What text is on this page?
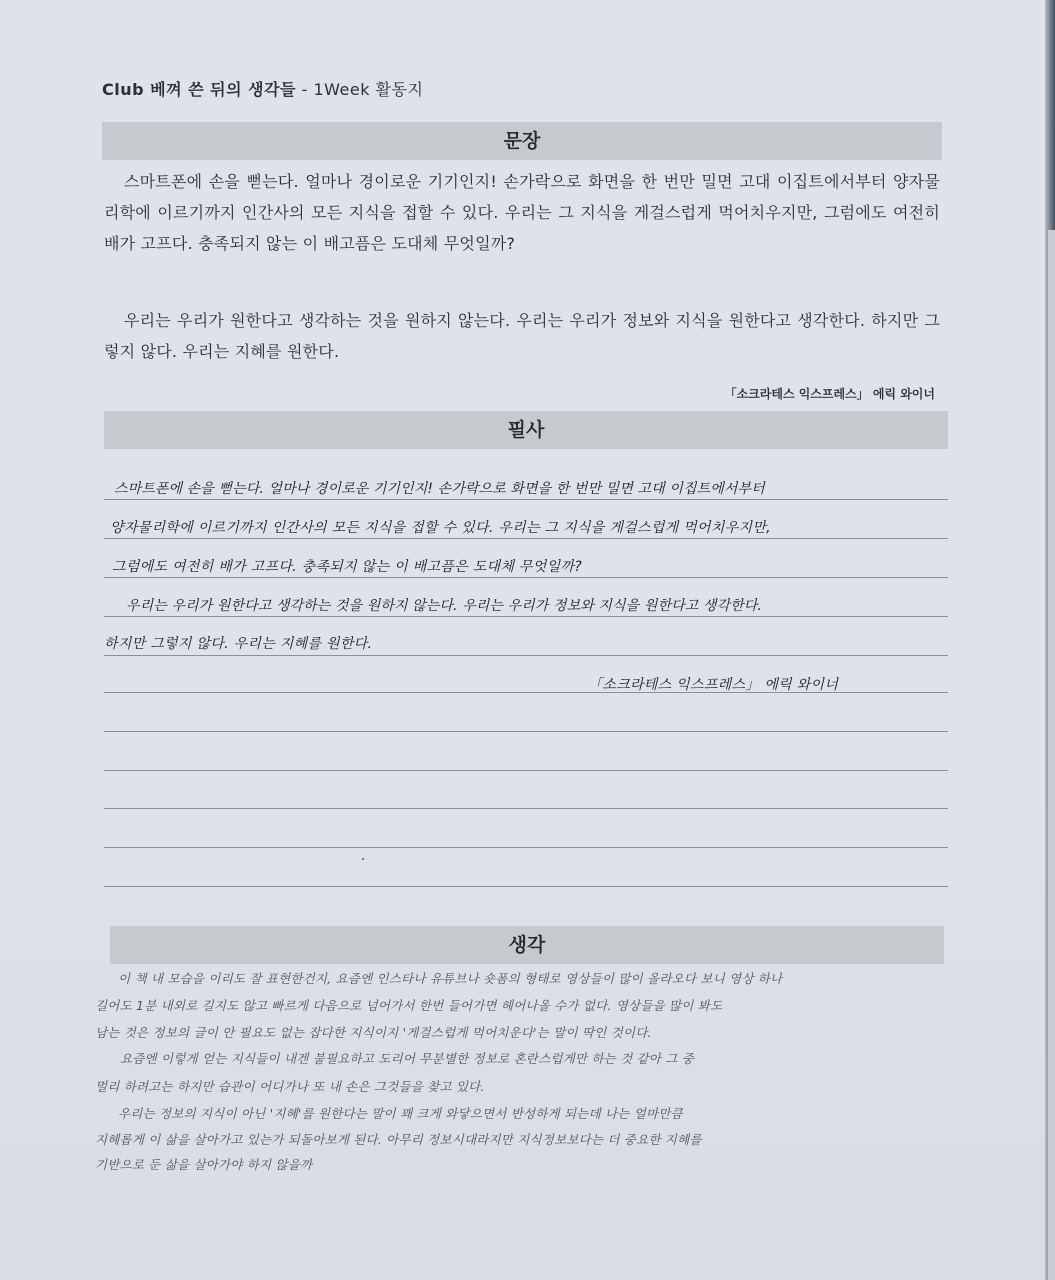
Club 베껴 쓴 뒤의 생각들 - 1Week 활동지
문장
스마트폰에 손을 뻗는다. 얼마나 경이로운 기기인지! 손가락으로 화면을 한 번만 밀면 고대 이집트에서부터 양자물리학에 이르기까지 인간사의 모든 지식을 접할 수 있다. 우리는 그 지식을 게걸스럽게 먹어치우지만, 그럼에도 여전히 배가 고프다. 충족되지 않는 이 배고픔은 도대체 무엇일까?
우리는 우리가 원한다고 생각하는 것을 원하지 않는다. 우리는 우리가 정보와 지식을 원한다고 생각한다. 하지만 그렇지 않다. 우리는 지혜를 원한다.
「소크라테스 익스프레스」 에릭 와이너
필사
스마트폰에 손을 뻗는다. 얼마나 경이로운 기기인지! 손가락으로 화면을 한 번만 밀면 고대 이집트에서부터
양자물리학에 이르기까지 인간사의 모든 지식을 접할 수 있다. 우리는 그 지식을 게걸스럽게 먹어치우지만,
그럼에도 여전히 배가 고프다. 충족되지 않는 이 배고픔은 도대체 무엇일까?
우리는 우리가 원한다고 생각하는 것을 원하지 않는다. 우리는 우리가 정보와 지식을 원한다고 생각한다.
하지만 그렇지 않다. 우리는 지혜를 원한다.
「소크라테스 익스프레스」 에릭 와이너
생각
이 책 내 모습을 이리도 잘 표현한건지, 요즘엔 인스타나 유튜브나 숏폼의 형태로 영상들이 많이 올라오다 보니 영상 하나
길어도 1분 내외로 길지도 않고 빠르게 다음으로 넘어가서 한번 들어가면 헤어나올 수가 없다. 영상들을 많이 봐도
남는 것은 정보의 글이 안 필요도 없는 잡다한 지식이지 '게걸스럽게 먹어치운다'는 말이 딱인 것이다.
요즘엔 이렇게 얻는 지식들이 내겐 불필요하고 도리어 무분별한 정보로 혼란스럽게만 하는 것 같아 그 중
멀리 하려고는 하지만 습관이 어디가나 또 내 손은 그것들을 찾고 있다.
우리는 정보의 지식이 아닌 '지혜'를 원한다는 말이 꽤 크게 와닿으면서 반성하게 되는데 나는 얼마만큼
지혜롭게 이 삶을 살아가고 있는가 되돌아보게 된다. 아무리 정보시대라지만 지식정보보다는 더 중요한 지혜를
기반으로 둔 삶을 살아가야 하지 않을까
